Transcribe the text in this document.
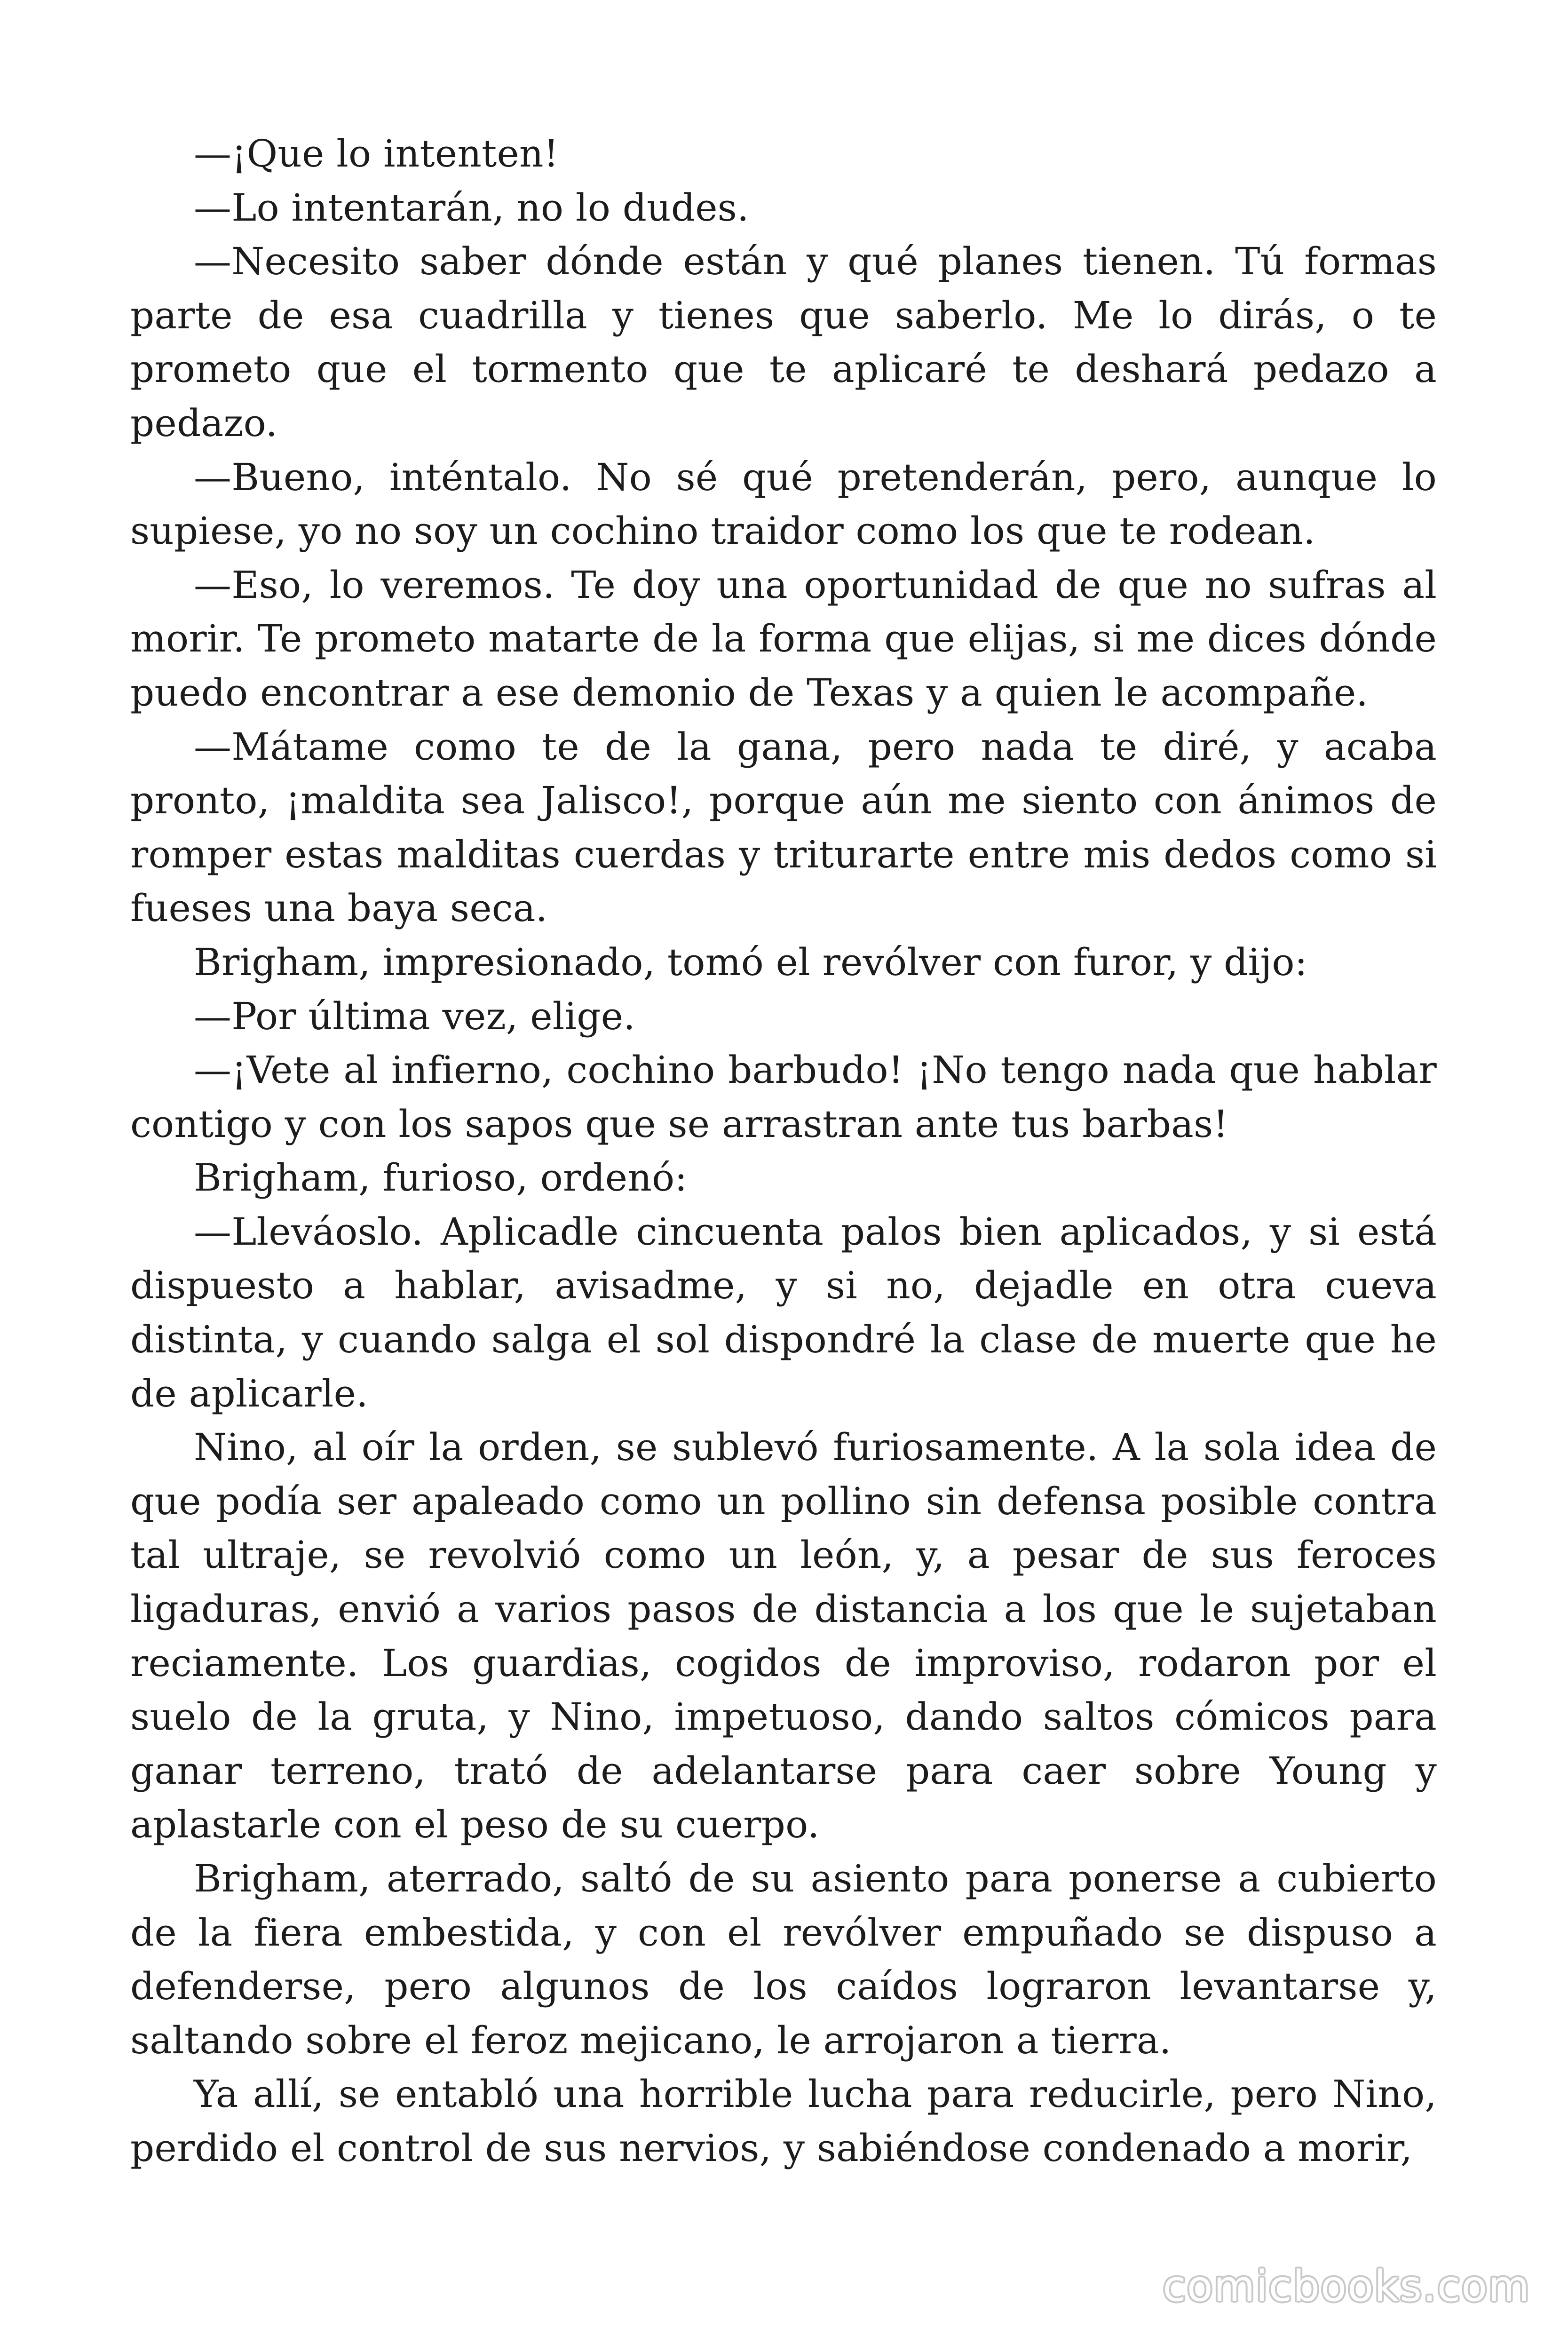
—¡Que lo intenten!

—Lo intentarán, no lo dudes.

—Necesito saber dónde están y qué planes tienen. Tú formas parte de esa cuadrilla y tienes que saberlo. Me lo dirás, o te prometo que el tormento que te aplicaré te deshará pedazo a pedazo.

—Bueno, inténtalo. No sé qué pretenderán, pero, aunque lo supiese, yo no soy un cochino traidor como los que te rodean.

—Eso, lo veremos. Te doy una oportunidad de que no sufras al morir. Te prometo matarte de la forma que elijas, si me dices dónde puedo encontrar a ese demonio de Texas y a quien le acompañe.

—Mátame como te de la gana, pero nada te diré, y acaba pronto, ¡maldita sea Jalisco!, porque aún me siento con ánimos de romper estas malditas cuerdas y triturarte entre mis dedos como si fueses una baya seca.

Brigham, impresionado, tomó el revólver con furor, y dijo:

—Por última vez, elige.

—¡Vete al infierno, cochino barbudo! ¡No tengo nada que hablar contigo y con los sapos que se arrastran ante tus barbas!

Brigham, furioso, ordenó:

—Lleváoslo. Aplicadle cincuenta palos bien aplicados, y si está dispuesto a hablar, avisadme, y si no, dejadle en otra cueva distinta, y cuando salga el sol dispondré la clase de muerte que he de aplicarle.

Nino, al oír la orden, se sublevó furiosamente. A la sola idea de que podía ser apaleado como un pollino sin defensa posible contra tal ultraje, se revolvió como un león, y, a pesar de sus feroces ligaduras, envió a varios pasos de distancia a los que le sujetaban reciamente. Los guardias, cogidos de improviso, rodaron por el suelo de la gruta, y Nino, impetuoso, dando saltos cómicos para ganar terreno, trató de adelantarse para caer sobre Young y aplastarle con el peso de su cuerpo.

Brigham, aterrado, saltó de su asiento para ponerse a cubierto de la fiera embestida, y con el revólver empuñado se dispuso a defenderse, pero algunos de los caídos lograron levantarse y, saltando sobre el feroz mejicano, le arrojaron a tierra.

Ya allí, se entabló una horrible lucha para reducirle, pero Nino, perdido el control de sus nervios, y sabiéndose condenado a morir,

comicbooks.com
